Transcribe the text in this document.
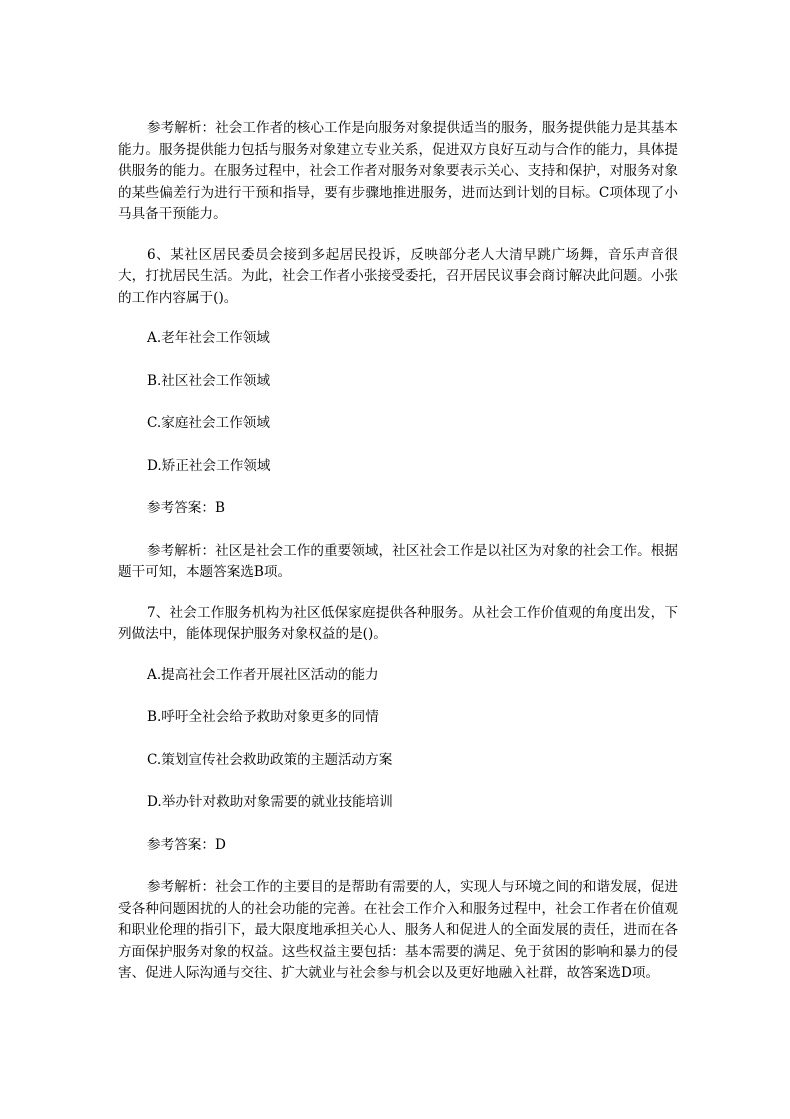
参考解析：社会工作者的核心工作是向服务对象提供适当的服务，服务提供能力是其基本能力。服务提供能力包括与服务对象建立专业关系，促进双方良好互动与合作的能力，具体提供服务的能力。在服务过程中，社会工作者对服务对象要表示关心、支持和保护，对服务对象的某些偏差行为进行干预和指导，要有步骤地推进服务，进而达到计划的目标。C项体现了小马具备干预能力。

6、某社区居民委员会接到多起居民投诉，反映部分老人大清早跳广场舞，音乐声音很大，打扰居民生活。为此，社会工作者小张接受委托，召开居民议事会商讨解决此问题。小张的工作内容属于()。

A.老年社会工作领域

B.社区社会工作领域

C.家庭社会工作领域

D.矫正社会工作领域

参考答案：B

参考解析：社区是社会工作的重要领域，社区社会工作是以社区为对象的社会工作。根据题干可知，本题答案选B项。

7、社会工作服务机构为社区低保家庭提供各种服务。从社会工作价值观的角度出发，下列做法中，能体现保护服务对象权益的是()。

A.提高社会工作者开展社区活动的能力

B.呼吁全社会给予救助对象更多的同情

C.策划宣传社会救助政策的主题活动方案

D.举办针对救助对象需要的就业技能培训

参考答案：D

参考解析：社会工作的主要目的是帮助有需要的人，实现人与环境之间的和谐发展，促进受各种问题困扰的人的社会功能的完善。在社会工作介入和服务过程中，社会工作者在价值观和职业伦理的指引下，最大限度地承担关心人、服务人和促进人的全面发展的责任，进而在各方面保护服务对象的权益。这些权益主要包括：基本需要的满足、免于贫困的影响和暴力的侵害、促进人际沟通与交往、扩大就业与社会参与机会以及更好地融入社群，故答案选D项。
